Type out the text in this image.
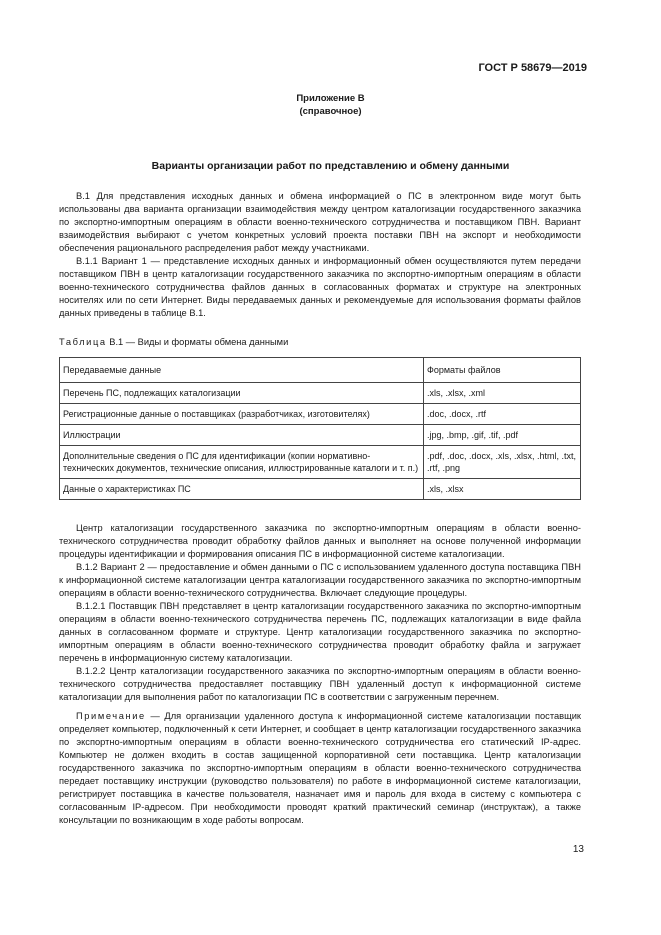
ГОСТ Р 58679—2019
Приложение В
(справочное)
Варианты организации работ по представлению и обмену данными

В.1 Для представления исходных данных и обмена информацией о ПС в электронном виде могут быть использованы два варианта организации взаимодействия между центром каталогизации государственного заказчика по экспортно-импортным операциям в области военно-технического сотрудничества и поставщиком ПВН. Вариант взаимодействия выбирают с учетом конкретных условий проекта поставки ПВН на экспорт и необходимости обеспечения рационального распределения работ между участниками.

В.1.1 Вариант 1 — представление исходных данных и информационный обмен осуществляются путем передачи поставщиком ПВН в центр каталогизации государственного заказчика по экспортно-импортным операциям в области военно-технического сотрудничества файлов данных в согласованных форматах и структуре на электронных носителях или по сети Интернет. Виды передаваемых данных и рекомендуемые для использования форматы файлов данных приведены в таблице В.1.

Таблица В.1 — Виды и форматы обмена данными
Передаваемые данные	Форматы файлов
Перечень ПС, подлежащих каталогизации	.xls, .xlsx, .xml
Регистрационные данные о поставщиках (разработчиках, изготовителях)	.doc, .docx, .rtf
Иллюстрации	.jpg, .bmp, .gif, .tif, .pdf
Дополнительные сведения о ПС для идентификации (копии нормативно-технических документов, технические описания, иллюстрированные каталоги и т. п.)	.pdf, .doc, .docx, .xls, .xlsx, .html, .txt, .rtf, .png
Данные о характеристиках ПС	.xls, .xlsx

Центр каталогизации государственного заказчика по экспортно-импортным операциям в области военно-технического сотрудничества проводит обработку файлов данных и выполняет на основе полученной информации процедуры идентификации и формирования описания ПС в информационной системе каталогизации.

В.1.2 Вариант 2 — предоставление и обмен данными о ПС с использованием удаленного доступа поставщика ПВН к информационной системе каталогизации центра каталогизации государственного заказчика по экспортно-импортным операциям в области военно-технического сотрудничества. Включает следующие процедуры.

В.1.2.1 Поставщик ПВН представляет в центр каталогизации государственного заказчика по экспортно-импортным операциям в области военно-технического сотрудничества перечень ПС, подлежащих каталогизации в виде файла данных в согласованном формате и структуре. Центр каталогизации государственного заказчика по экспортно-импортным операциям в области военно-технического сотрудничества проводит обработку файла и загружает перечень в информационную систему каталогизации.

В.1.2.2 Центр каталогизации государственного заказчика по экспортно-импортным операциям в области военно-технического сотрудничества предоставляет поставщику ПВН удаленный доступ к информационной системе каталогизации для выполнения работ по каталогизации ПС в соответствии с загруженным перечнем.

Примечание — Для организации удаленного доступа к информационной системе каталогизации поставщик определяет компьютер, подключенный к сети Интернет, и сообщает в центр каталогизации государственного заказчика по экспортно-импортным операциям в области военно-технического сотрудничества его статический IP-адрес. Компьютер не должен входить в состав защищенной корпоративной сети поставщика. Центр каталогизации государственного заказчика по экспортно-импортным операциям в области военно-технического сотрудничества передает поставщику инструкции (руководство пользователя) по работе в информационной системе каталогизации, регистрирует поставщика в качестве пользователя, назначает имя и пароль для входа в систему с компьютера с согласованным IP-адресом. При необходимости проводят краткий практический семинар (инструктаж), а также консультации по возникающим в ходе работы вопросам.

13
